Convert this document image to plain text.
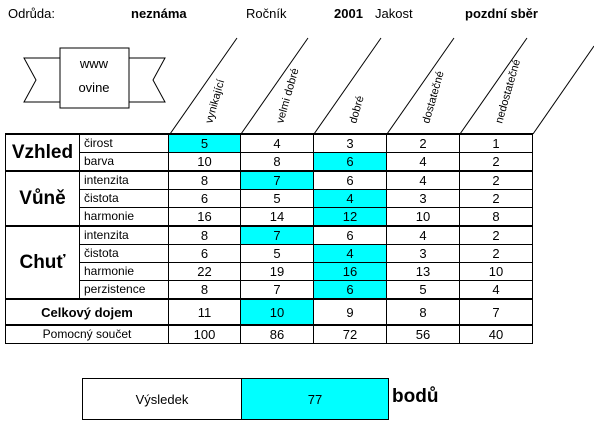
Odrůda:	neznáma	Ročník	2001 Jakost	pozdní sběr
www
ovine	vynikající	velmi dobré	dobré	dostatečné	nedostatečné
Vzhled	čirost	5	4	3	2	1
	barva	10	8	6	4	2
Vůně	intenzita	8	7	6	4	2
	čistota	6	5	4	3	2
	harmonie	16	14	12	10	8
Chuť	intenzita	8	7	6	4	2
	čistota	6	5	4	3	2
	harmonie	22	19	16	13	10
	perzistence	8	7	6	5	4
Celkový dojem		11	10	9	8	7
Pomocný součet		100	86	72	56	40
Výsledek	77	bodů
